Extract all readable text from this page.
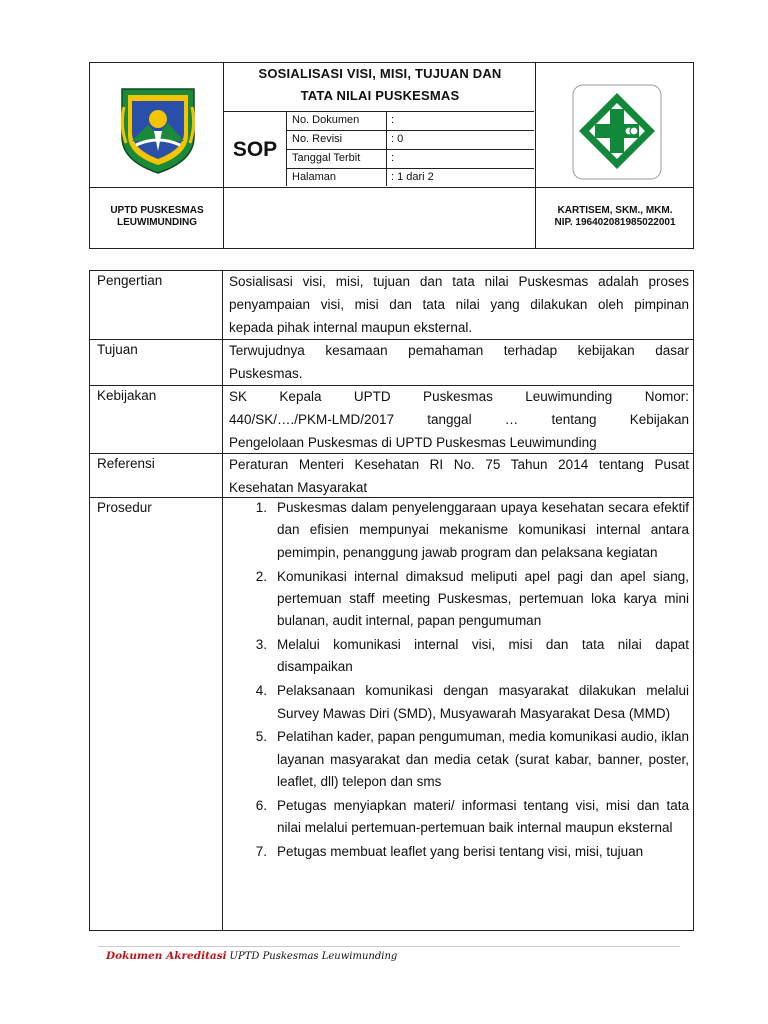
SOSIALISASI VISI, MISI, TUJUAN DAN
TATA NILAI PUSKESMAS
SOP
No. Dokumen	:
No. Revisi	: 0
Tanggal Terbit	:
Halaman	: 1 dari 2
UPTD PUSKESMAS
LEUWIMUNDING
KARTISEM, SKM., MKM.
NIP. 196402081985022001
Pengertian	Sosialisasi visi, misi, tujuan dan tata nilai Puskesmas adalah proses
penyampaian visi, misi dan tata nilai yang dilakukan oleh pimpinan
kepada pihak internal maupun eksternal.
Tujuan	Terwujudnya kesamaan pemahaman terhadap kebijakan dasar
Puskesmas.
Kebijakan	SK Kepala UPTD Puskesmas Leuwimunding Nomor:
440/SK/…./PKM-LMD/2017 tanggal … tentang Kebijakan
Pengelolaan Puskesmas di UPTD Puskesmas Leuwimunding
Referensi	Peraturan Menteri Kesehatan RI No. 75 Tahun 2014 tentang Pusat
Kesehatan Masyarakat
Prosedur	1. Puskesmas dalam penyelenggaraan upaya kesehatan secara efektif dan efisien mempunyai mekanisme komunikasi internal antara pemimpin, penanggung jawab program dan pelaksana kegiatan
2. Komunikasi internal dimaksud meliputi apel pagi dan apel siang, pertemuan staff meeting Puskesmas, pertemuan loka karya mini bulanan, audit internal, papan pengumuman
3. Melalui komunikasi internal visi, misi dan tata nilai dapat disampaikan
4. Pelaksanaan komunikasi dengan masyarakat dilakukan melalui Survey Mawas Diri (SMD), Musyawarah Masyarakat Desa (MMD)
5. Pelatihan kader, papan pengumuman, media komunikasi audio, iklan layanan masyarakat dan media cetak (surat kabar, banner, poster, leaflet, dll) telepon dan sms
6. Petugas menyiapkan materi/ informasi tentang visi, misi dan tata nilai melalui pertemuan-pertemuan baik internal maupun eksternal
7. Petugas membuat leaflet yang berisi tentang visi, misi, tujuan
Dokumen Akreditasi UPTD Puskesmas Leuwimunding
